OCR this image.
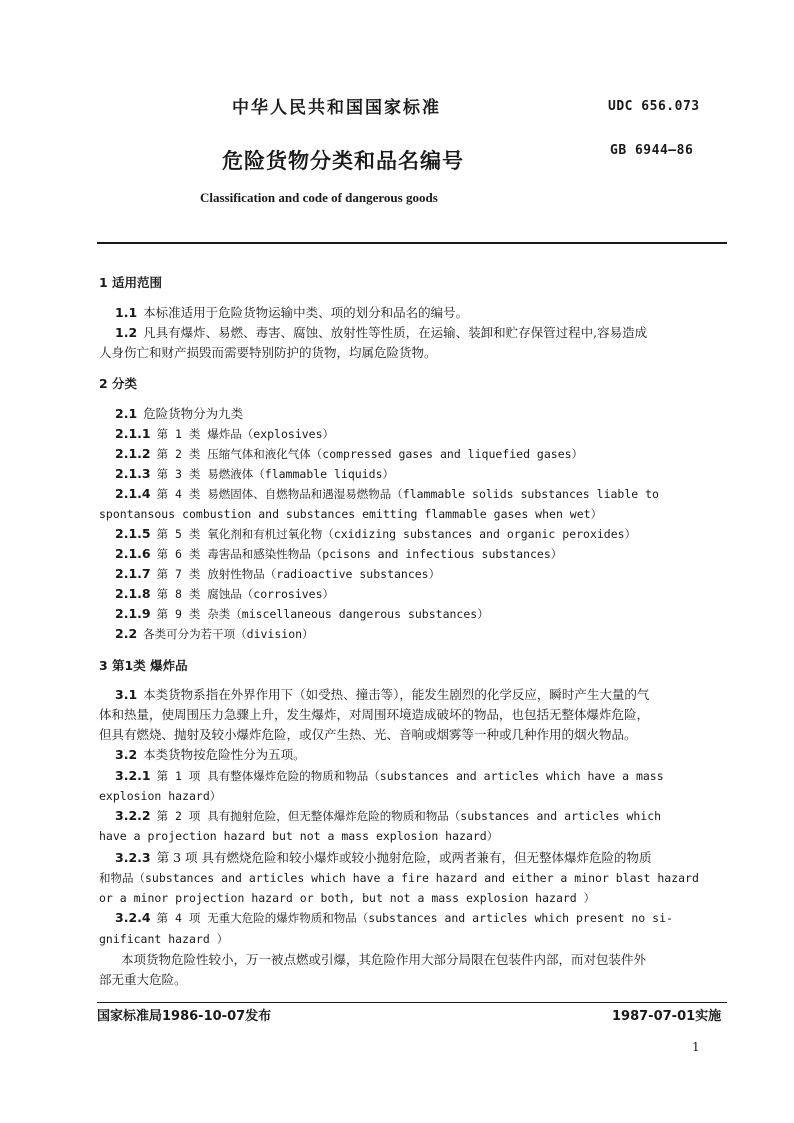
中华人民共和国国家标准	UDC 656.073
GB 6944—86
危险货物分类和品名编号
Classification and code of dangerous goods
1 适用范围
1.1 本标准适用于危险货物运输中类、项的划分和品名的编号。
1.2 凡具有爆炸、易燃、毒害、腐蚀、放射性等性质，在运输、装卸和贮存保管过程中,容易造成
人身伤亡和财产损毁而需要特别防护的货物，均属危险货物。
2 分类
2.1 危险货物分为九类
2.1.1 第 1 类 爆炸品（explosives）
2.1.2 第 2 类 压缩气体和液化气体（compressed gases and liquefied gases）
2.1.3 第 3 类 易燃液体（flammable liquids）
2.1.4 第 4 类 易燃固体、自燃物品和遇湿易燃物品（flammable solids substances liable to
spontansous combustion and substances emitting flammable gases when wet）
2.1.5 第 5 类 氧化剂和有机过氧化物（cxidizing substances and organic peroxides）
2.1.6 第 6 类 毒害品和感染性物品（pcisons and infectious substances）
2.1.7 第 7 类 放射性物品（radioactive substances）
2.1.8 第 8 类 腐蚀品（corrosives）
2.1.9 第 9 类 杂类（miscellaneous dangerous substances）
2.2 各类可分为若干项（division）
3 第1类 爆炸品
3.1 本类货物系指在外界作用下（如受热、撞击等），能发生剧烈的化学反应，瞬时产生大量的气
体和热量，使周围压力急骤上升，发生爆炸，对周围环境造成破坏的物品，也包括无整体爆炸危险，
但具有燃烧、抛射及较小爆炸危险，或仅产生热、光、音响或烟雾等一种或几种作用的烟火物品。
3.2 本类货物按危险性分为五项。
3.2.1 第 1 项 具有整体爆炸危险的物质和物品（substances and articles which have a mass
explosion hazard）
3.2.2 第 2 项 具有抛射危险，但无整体爆炸危险的物质和物品（substances and articles which
have a projection hazard but not a mass explosion hazard）
3.2.3 第 3 项 具有燃烧危险和较小爆炸或较小抛射危险，或两者兼有，但无整体爆炸危险的物质
和物品（substances and articles which have a fire hazard and either a minor blast hazard
or a minor projection hazard or both, but not a mass explosion hazard ）
3.2.4 第 4 项 无重大危险的爆炸物质和物品（substances and articles which present no si-
gnificant hazard ）
本项货物危险性较小，万一被点燃或引爆，其危险作用大部分局限在包装件内部，而对包装件外
部无重大危险。
国家标准局1986-10-07发布	1987-07-01实施
1
